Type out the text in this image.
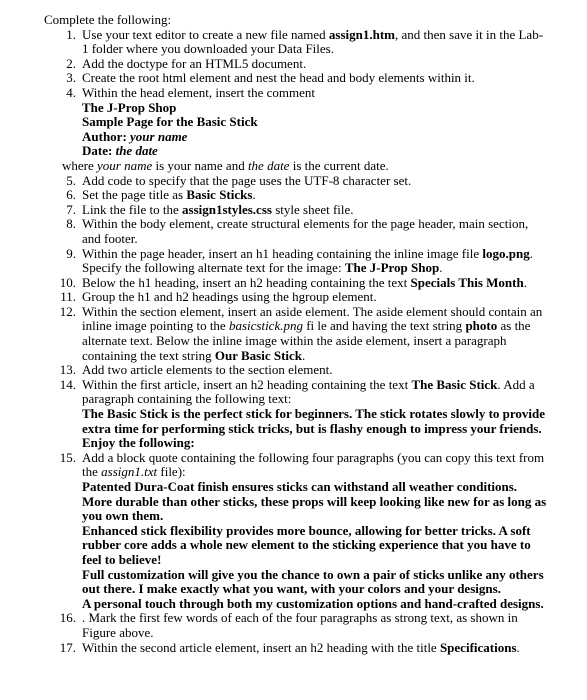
Complete the following:
1. Use your text editor to create a new file named assign1.htm, and then save it in the Lab-1 folder where you downloaded your Data Files.
2. Add the doctype for an HTML5 document.
3. Create the root html element and nest the head and body elements within it.
4. Within the head element, insert the comment
The J-Prop Shop
Sample Page for the Basic Stick
Author: your name
Date: the date
where your name is your name and the date is the current date.
5. Add code to specify that the page uses the UTF-8 character set.
6. Set the page title as Basic Sticks.
7. Link the file to the assign1styles.css style sheet file.
8. Within the body element, create structural elements for the page header, main section, and footer.
9. Within the page header, insert an h1 heading containing the inline image file logo.png. Specify the following alternate text for the image: The J-Prop Shop.
10. Below the h1 heading, insert an h2 heading containing the text Specials This Month.
11. Group the h1 and h2 headings using the hgroup element.
12. Within the section element, insert an aside element. The aside element should contain an inline image pointing to the basicstick.png fi le and having the text string photo as the alternate text. Below the inline image within the aside element, insert a paragraph containing the text string Our Basic Stick.
13. Add two article elements to the section element.
14. Within the first article, insert an h2 heading containing the text The Basic Stick. Add a paragraph containing the following text:
The Basic Stick is the perfect stick for beginners. The stick rotates slowly to provide extra time for performing stick tricks, but is flashy enough to impress your friends. Enjoy the following:
15. Add a block quote containing the following four paragraphs (you can copy this text from the assign1.txt file):
Patented Dura-Coat finish ensures sticks can withstand all weather conditions.
More durable than other sticks, these props will keep looking like new for as long as you own them.
Enhanced stick flexibility provides more bounce, allowing for better tricks. A soft rubber core adds a whole new element to the sticking experience that you have to feel to believe!
Full customization will give you the chance to own a pair of sticks unlike any others out there. I make exactly what you want, with your colors and your designs.
A personal touch through both my customization options and hand-crafted designs.
16. . Mark the first few words of each of the four paragraphs as strong text, as shown in Figure above.
17. Within the second article element, insert an h2 heading with the title Specifications.
